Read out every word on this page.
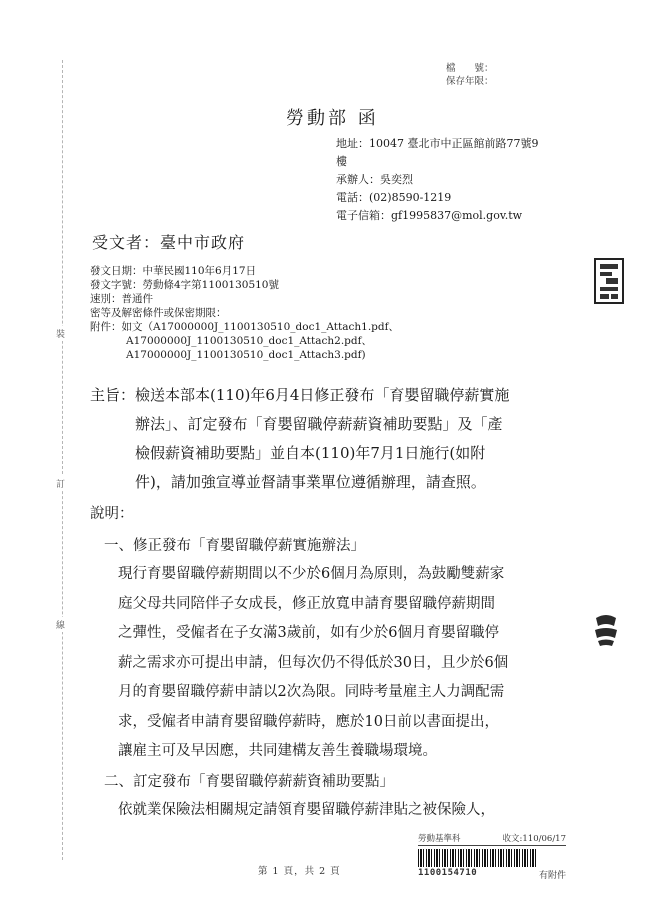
裝
訂
線
檔　　號：
保存年限：
勞動部 函
地址：10047 臺北市中正區館前路77號9
樓
承辦人：吳奕烈
電話：(02)8590-1219
電子信箱：gf1995837@mol.gov.tw
受文者：臺中市政府
發文日期：中華民國110年6月17日
發文字號：勞動條4字第1100130510號
速別：普通件
密等及解密條件或保密期限：
附件：如文（A17000000J_1100130510_doc1_Attach1.pdf、
A17000000J_1100130510_doc1_Attach2.pdf、
A17000000J_1100130510_doc1_Attach3.pdf)
主旨：檢送本部本(110)年6月4日修正發布「育嬰留職停薪實施
辦法」、訂定發布「育嬰留職停薪薪資補助要點」及「產
檢假薪資補助要點」並自本(110)年7月1日施行(如附
件)，請加強宣導並督請事業單位遵循辦理，請查照。
說明：
一、修正發布「育嬰留職停薪實施辦法」
現行育嬰留職停薪期間以不少於6個月為原則，為鼓勵雙薪家
庭父母共同陪伴子女成長，修正放寬申請育嬰留職停薪期間
之彈性，受僱者在子女滿3歲前，如有少於6個月育嬰留職停
薪之需求亦可提出申請，但每次仍不得低於30日，且少於6個
月的育嬰留職停薪申請以2次為限。同時考量雇主人力調配需
求，受僱者申請育嬰留職停薪時，應於10日前以書面提出，
讓雇主可及早因應，共同建構友善生養職場環境。
二、訂定發布「育嬰留職停薪薪資補助要點」
依就業保險法相關規定請領育嬰留職停薪津貼之被保險人，
第 1 頁，共 2 頁
勞動基準科	收文:110/06/17
1100154710	有附件
